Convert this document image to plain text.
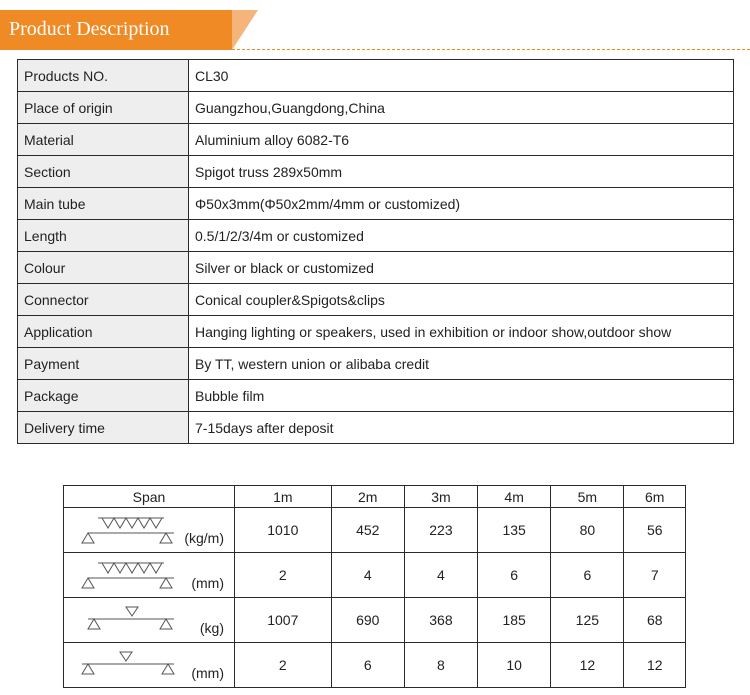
Product Description
Products NO.	CL30
Place of origin	Guangzhou,Guangdong,China
Material	Aluminium alloy 6082-T6
Section	Spigot truss 289x50mm
Main tube	Φ50x3mm(Φ50x2mm/4mm or customized)
Length	0.5/1/2/3/4m or customized
Colour	Silver or black or customized
Connector	Conical coupler&Spigots&clips
Application	Hanging lighting or speakers, used in exhibition or indoor show,outdoor show
Payment	By TT, western union or alibaba credit
Package	Bubble film
Delivery time	7-15days after deposit
Span	1m	2m	3m	4m	5m	6m

(kg/m)	1010	452	223	135	80	56

(mm)	2	4	4	6	6	7

(kg)	1007	690	368	185	125	68

(mm)	2	6	8	10	12	12
